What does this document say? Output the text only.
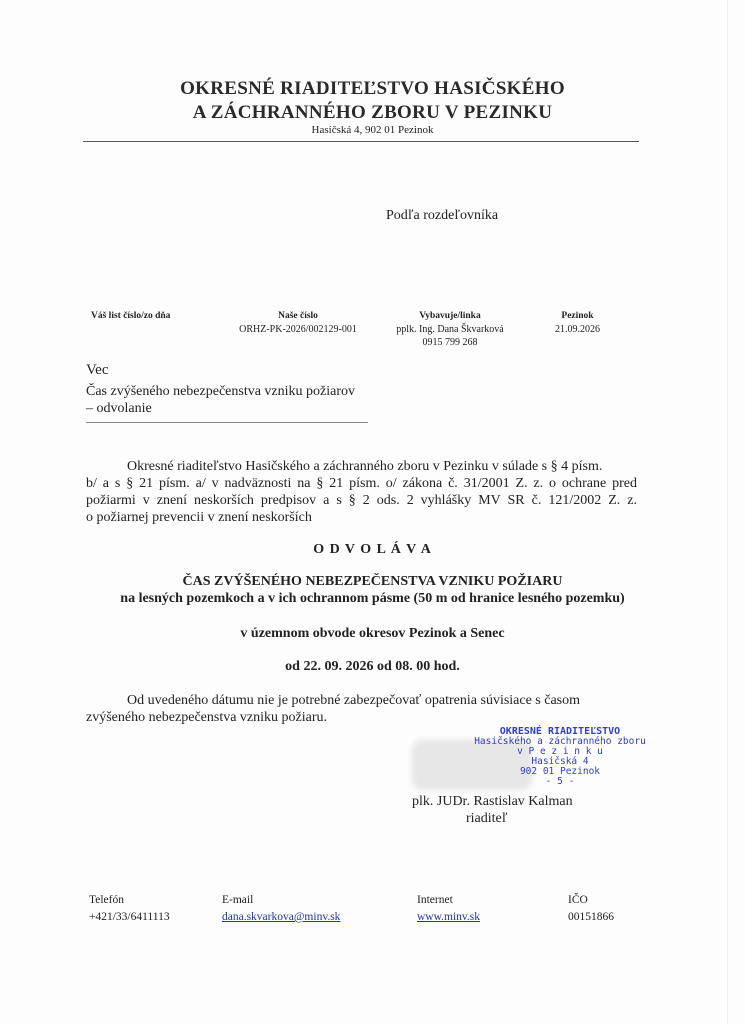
OKRESNÉ RIADITEĽSTVO HASIČSKÉHO
A ZÁCHRANNÉHO ZBORU V PEZINKU
Hasičská 4, 902 01 Pezinok
Podľa rozdeľovníka
Váš list číslo/zo dňa	Naše číslo
ORHZ-PK-2026/002129-001
Vybavuje/linka
pplk. Ing. Dana Škvarková
0915 799 268
Pezinok
21.09.2026
Vec
Čas zvýšeného nebezpečenstva vzniku požiarov
– odvolanie
Okresné riaditeľstvo Hasičského a záchranného zboru v Pezinku v súlade s § 4 písm.
b/ a s § 21 písm. a/ v nadväznosti na § 21 písm. o/ zákona č. 31/2001 Z. z. o ochrane pred
požiarmi v znení neskorších predpisov a s § 2 ods. 2 vyhlášky MV SR č. 121/2002 Z. z.
o požiarnej prevencii v znení neskorších
O D V O L Á V A
ČAS ZVÝŠENÉHO NEBEZPEČENSTVA VZNIKU POŽIARU
na lesných pozemkoch a v ich ochrannom pásme (50 m od hranice lesného pozemku)
v územnom obvode okresov Pezinok a Senec
od 22. 09. 2026 od 08. 00 hod.
Od uvedeného dátumu nie je potrebné zabezpečovať opatrenia súvisiace s časom
zvýšeného nebezpečenstva vzniku požiaru.
OKRESNÉ RIADITEĽSTVO
Hasičského a záchranného zboru
v P e z i n k u
Hasičská 4
902 01 Pezinok
- 5 -
plk. JUDr. Rastislav Kalman
riaditeľ
Telefón
+421/33/6411113
E-mail
dana.skvarkova@minv.sk
Internet
www.minv.sk
IČO
00151866
